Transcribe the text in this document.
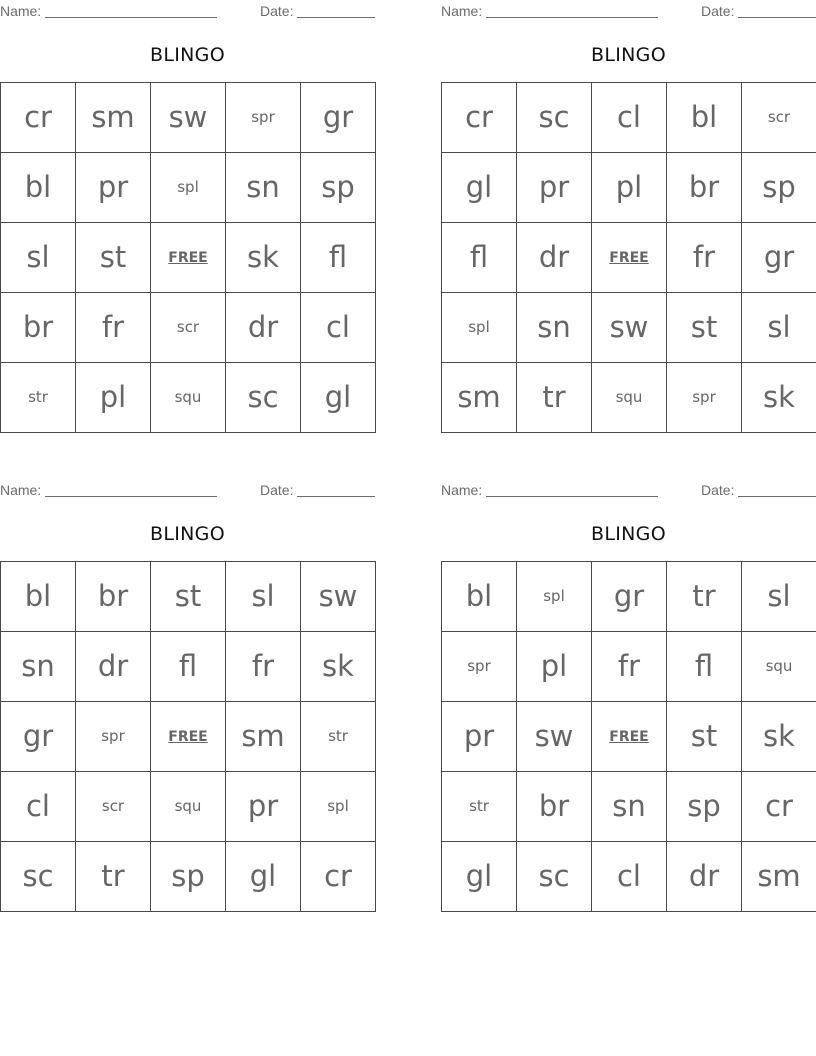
Name:	Date:
BLINGO
cr	sm	sw	spr	gr
bl	pr	spl	sn	sp
sl	st	FREE	sk	fl
br	fr	scr	dr	cl
str	pl	squ	sc	gl
Name:	Date:
BLINGO
cr	sc	cl	bl	scr
gl	pr	pl	br	sp
fl	dr	FREE	fr	gr
spl	sn	sw	st	sl
sm	tr	squ	spr	sk
Name:	Date:
BLINGO
bl	br	st	sl	sw
sn	dr	fl	fr	sk
gr	spr	FREE	sm	str
cl	scr	squ	pr	spl
sc	tr	sp	gl	cr
Name:	Date:
BLINGO
bl	spl	gr	tr	sl
spr	pl	fr	fl	squ
pr	sw	FREE	st	sk
str	br	sn	sp	cr
gl	sc	cl	dr	sm
